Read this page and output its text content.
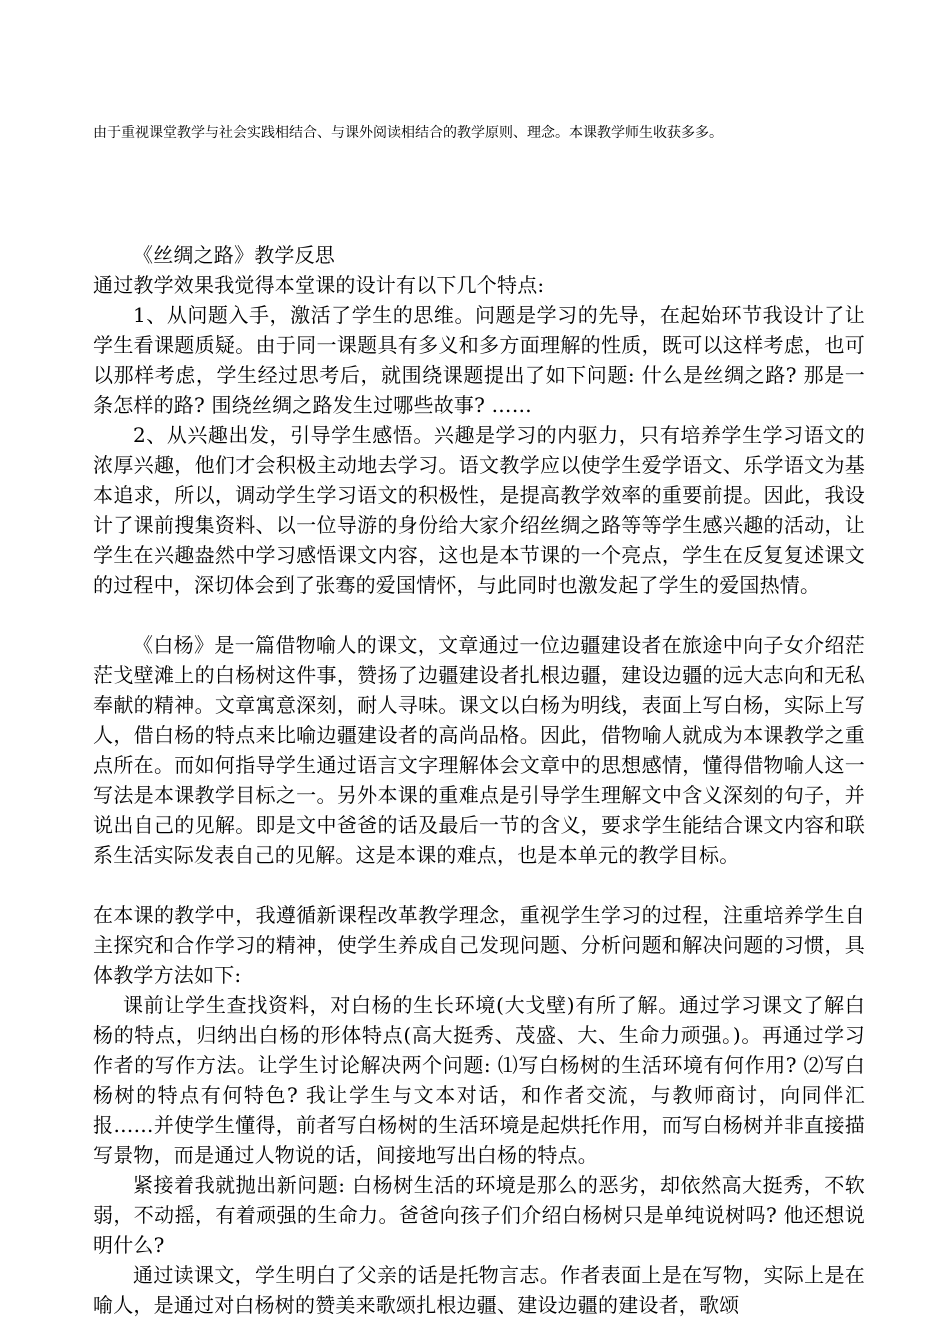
由于重视课堂教学与社会实践相结合、与课外阅读相结合的教学原则、理念。本课教学师生收获多多。

《丝绸之路》教学反思

通过教学效果我觉得本堂课的设计有以下几个特点:

1、从问题入手，激活了学生的思维。问题是学习的先导，在起始环节我设计了让学生看课题质疑。由于同一课题具有多义和多方面理解的性质，既可以这样考虑，也可以那样考虑，学生经过思考后，就围绕课题提出了如下问题: 什么是丝绸之路? 那是一条怎样的路? 围绕丝绸之路发生过哪些故事? ……

2、从兴趣出发，引导学生感悟。兴趣是学习的内驱力，只有培养学生学习语文的浓厚兴趣，他们才会积极主动地去学习。语文教学应以使学生爱学语文、乐学语文为基本追求，所以，调动学生学习语文的积极性，是提高教学效率的重要前提。因此，我设计了课前搜集资料、以一位导游的身份给大家介绍丝绸之路等等学生感兴趣的活动，让学生在兴趣盎然中学习感悟课文内容，这也是本节课的一个亮点，学生在反复复述课文的过程中，深切体会到了张骞的爱国情怀，与此同时也激发起了学生的爱国热情。

《白杨》是一篇借物喻人的课文，文章通过一位边疆建设者在旅途中向子女介绍茫茫戈壁滩上的白杨树这件事，赞扬了边疆建设者扎根边疆，建设边疆的远大志向和无私奉献的精神。文章寓意深刻，耐人寻味。课文以白杨为明线，表面上写白杨，实际上写人，借白杨的特点来比喻边疆建设者的高尚品格。因此，借物喻人就成为本课教学之重点所在。而如何指导学生通过语言文字理解体会文章中的思想感情，懂得借物喻人这一写法是本课教学目标之一。另外本课的重难点是引导学生理解文中含义深刻的句子，并说出自己的见解。即是文中爸爸的话及最后一节的含义，要求学生能结合课文内容和联系生活实际发表自己的见解。这是本课的难点，也是本单元的教学目标。

在本课的教学中，我遵循新课程改革教学理念，重视学生学习的过程，注重培养学生自主探究和合作学习的精神，使学生养成自己发现问题、分析问题和解决问题的习惯，具体教学方法如下:

课前让学生查找资料，对白杨的生长环境(大戈壁)有所了解。通过学习课文了解白杨的特点，归纳出白杨的形体特点(高大挺秀、茂盛、大、生命力顽强。)。再通过学习作者的写作方法。让学生讨论解决两个问题: ⑴写白杨树的生活环境有何作用? ⑵写白杨树的特点有何特色? 我让学生与文本对话，和作者交流，与教师商讨，向同伴汇报……并使学生懂得，前者写白杨树的生活环境是起烘托作用，而写白杨树并非直接描写景物，而是通过人物说的话，间接地写出白杨的特点。

紧接着我就抛出新问题: 白杨树生活的环境是那么的恶劣，却依然高大挺秀，不软弱，不动摇，有着顽强的生命力。爸爸向孩子们介绍白杨树只是单纯说树吗? 他还想说明什么?

通过读课文，学生明白了父亲的话是托物言志。作者表面上是在写物，实际上是在喻人，是通过对白杨树的赞美来歌颂扎根边疆、建设边疆的建设者，歌颂
